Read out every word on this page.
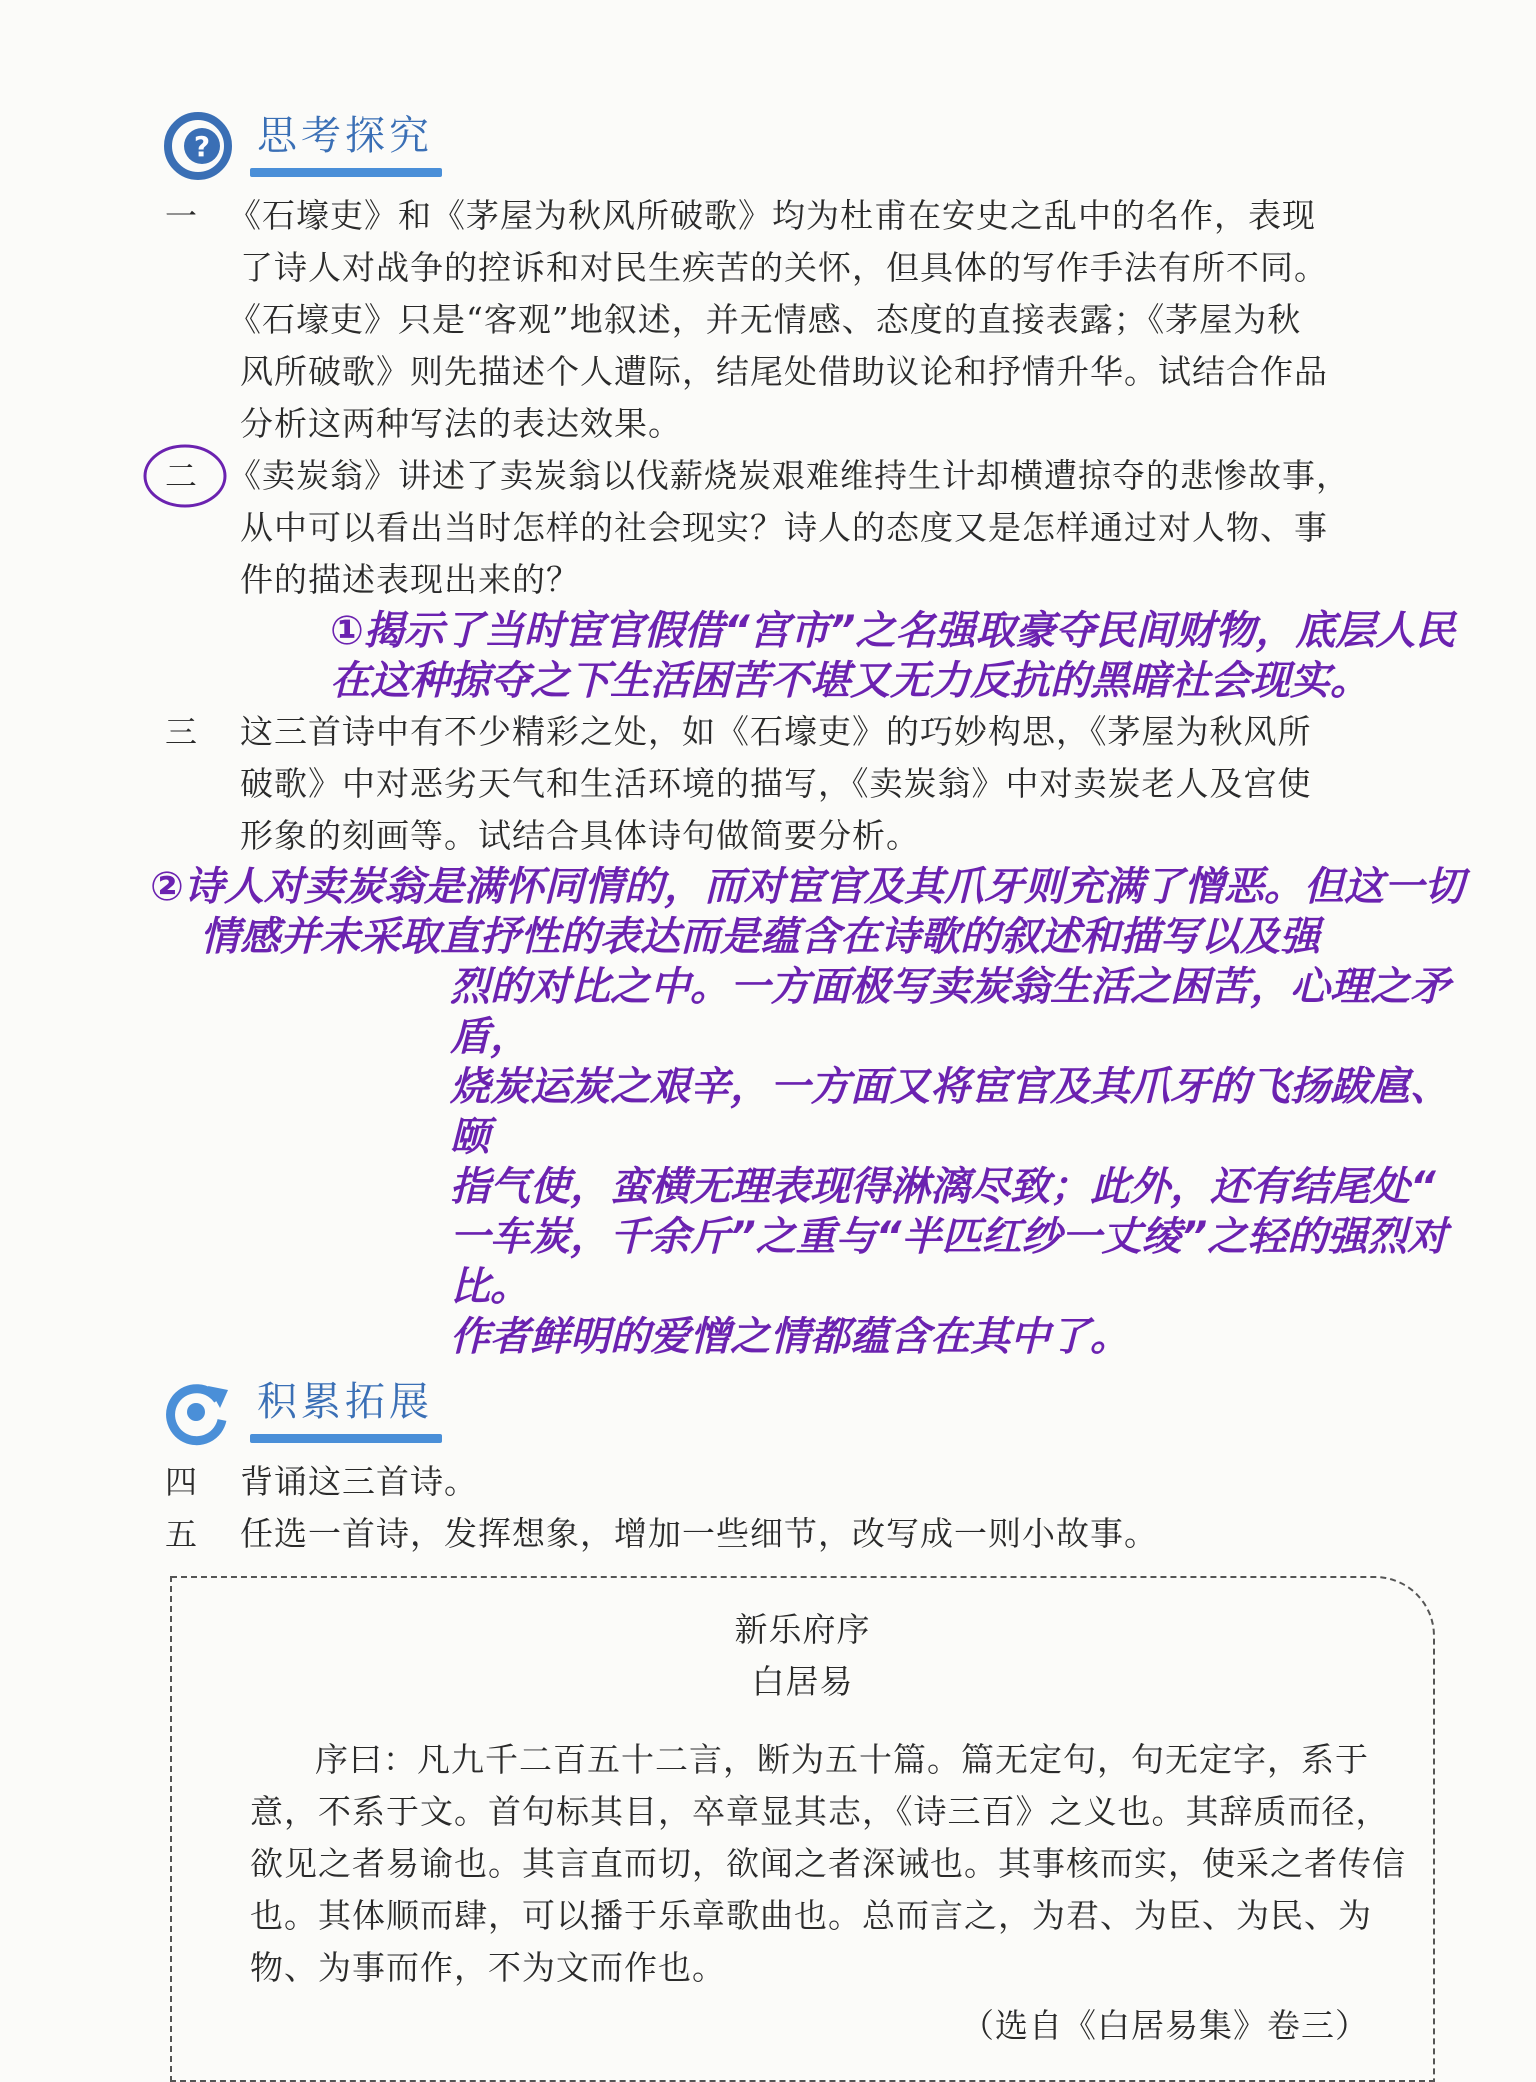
? 思考探究
一 《石壕吏》和《茅屋为秋风所破歌》均为杜甫在安史之乱中的名作，表现
了诗人对战争的控诉和对民生疾苦的关怀，但具体的写作手法有所不同。
《石壕吏》只是“客观”地叙述，并无情感、态度的直接表露；《茅屋为秋
风所破歌》则先描述个人遭际，结尾处借助议论和抒情升华。试结合作品
分析这两种写法的表达效果。
二 《卖炭翁》讲述了卖炭翁以伐薪烧炭艰难维持生计却横遭掠夺的悲惨故事，
从中可以看出当时怎样的社会现实？诗人的态度又是怎样通过对人物、事
件的描述表现出来的？
①揭示了当时宦官假借“宫市”之名强取豪夺民间财物，底层人民
在这种掠夺之下生活困苦不堪又无力反抗的黑暗社会现实。
三	这三首诗中有不少精彩之处，如《石壕吏》的巧妙构思，《茅屋为秋风所
破歌》中对恶劣天气和生活环境的描写，《卖炭翁》中对卖炭老人及宫使
形象的刻画等。试结合具体诗句做简要分析。
②诗人对卖炭翁是满怀同情的，而对宦官及其爪牙则充满了憎恶。但这一切
情感并未采取直抒性的表达而是蕴含在诗歌的叙述和描写以及强
烈的对比之中。一方面极写卖炭翁生活之困苦，心理之矛盾，
烧炭运炭之艰辛，一方面又将宦官及其爪牙的飞扬跋扈、颐
指气使，蛮横无理表现得淋漓尽致；此外，还有结尾处“
一车炭，千余斤”之重与“半匹红纱一丈绫”之轻的强烈对比。
作者鲜明的爱憎之情都蕴含在其中了。
积累拓展
四	背诵这三首诗。
五	任选一首诗，发挥想象，增加一些细节，改写成一则小故事。
新乐府序
白居易
序曰：凡九千二百五十二言，断为五十篇。篇无定句，句无定字，系于
意，不系于文。首句标其目，卒章显其志，《诗三百》之义也。其辞质而径，
欲见之者易谕也。其言直而切，欲闻之者深诫也。其事核而实，使采之者传信
也。其体顺而肆，可以播于乐章歌曲也。总而言之，为君、为臣、为民、为
物、为事而作，不为文而作也。
（选自《白居易集》卷三）
